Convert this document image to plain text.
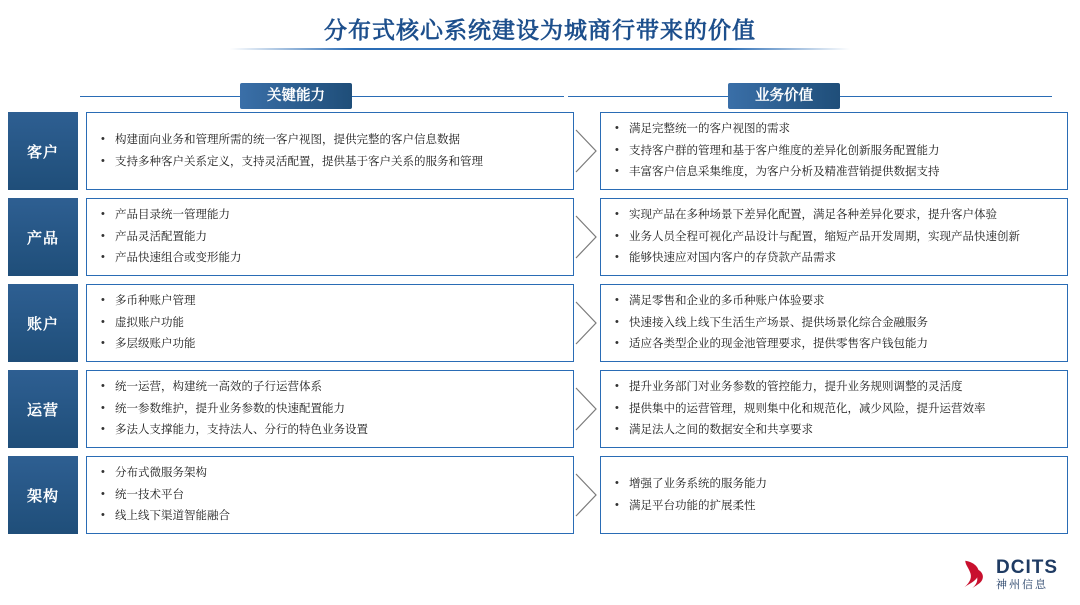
分布式核心系统建设为城商行带来的价值
关键能力	业务价值
客户
• 构建面向业务和管理所需的统一客户视图，提供完整的客户信息数据
• 支持多种客户关系定义，支持灵活配置，提供基于客户关系的服务和管理
• 满足完整统一的客户视图的需求
• 支持客户群的管理和基于客户维度的差异化创新服务配置能力
• 丰富客户信息采集维度，为客户分析及精准营销提供数据支持
产品
• 产品目录统一管理能力
• 产品灵活配置能力
• 产品快速组合或变形能力
• 实现产品在多种场景下差异化配置，满足各种差异化要求，提升客户体验
• 业务人员全程可视化产品设计与配置，缩短产品开发周期，实现产品快速创新
• 能够快速应对国内客户的存贷款产品需求
账户
• 多币种账户管理
• 虚拟账户功能
• 多层级账户功能
• 满足零售和企业的多币种账户体验要求
• 快速接入线上线下生活生产场景、提供场景化综合金融服务
• 适应各类型企业的现金池管理要求，提供零售客户钱包能力
运营
• 统一运营，构建统一高效的子行运营体系
• 统一参数维护，提升业务参数的快速配置能力
• 多法人支撑能力，支持法人、分行的特色业务设置
• 提升业务部门对业务参数的管控能力，提升业务规则调整的灵活度
• 提供集中的运营管理，规则集中化和规范化，减少风险，提升运营效率
• 满足法人之间的数据安全和共享要求
架构
• 分布式微服务架构
• 统一技术平台
• 线上线下渠道智能融合
• 增强了业务系统的服务能力
• 满足平台功能的扩展柔性
DCITS
神州信息
